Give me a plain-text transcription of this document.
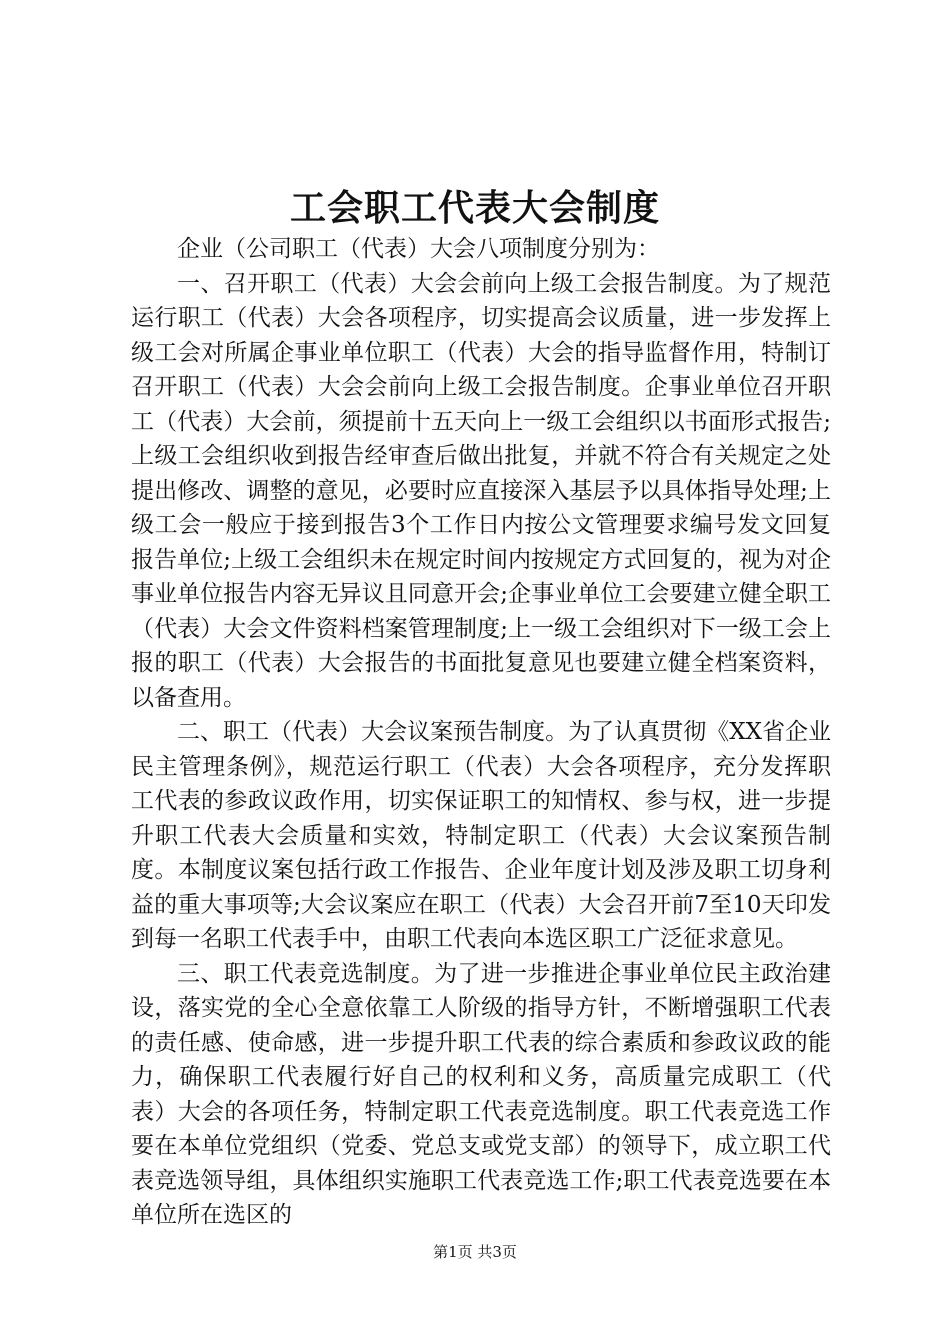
工会职工代表大会制度

企业（公司职工（代表）大会八项制度分别为：

一、召开职工（代表）大会会前向上级工会报告制度。为了规范运行职工（代表）大会各项程序，切实提高会议质量，进一步发挥上级工会对所属企事业单位职工（代表）大会的指导监督作用，特制订召开职工（代表）大会会前向上级工会报告制度。企事业单位召开职工（代表）大会前，须提前十五天向上一级工会组织以书面形式报告;上级工会组织收到报告经审查后做出批复，并就不符合有关规定之处提出修改、调整的意见，必要时应直接深入基层予以具体指导处理;上级工会一般应于接到报告3个工作日内按公文管理要求编号发文回复报告单位;上级工会组织未在规定时间内按规定方式回复的，视为对企事业单位报告内容无异议且同意开会;企事业单位工会要建立健全职工（代表）大会文件资料档案管理制度;上一级工会组织对下一级工会上报的职工（代表）大会报告的书面批复意见也要建立健全档案资料，以备查用。

二、职工（代表）大会议案预告制度。为了认真贯彻《XX省企业民主管理条例》，规范运行职工（代表）大会各项程序，充分发挥职工代表的参政议政作用，切实保证职工的知情权、参与权，进一步提升职工代表大会质量和实效，特制定职工（代表）大会议案预告制度。本制度议案包括行政工作报告、企业年度计划及涉及职工切身利益的重大事项等;大会议案应在职工（代表）大会召开前7至10天印发到每一名职工代表手中，由职工代表向本选区职工广泛征求意见。

三、职工代表竞选制度。为了进一步推进企事业单位民主政治建设，落实党的全心全意依靠工人阶级的指导方针，不断增强职工代表的责任感、使命感，进一步提升职工代表的综合素质和参政议政的能力，确保职工代表履行好自己的权利和义务，高质量完成职工（代表）大会的各项任务，特制定职工代表竞选制度。职工代表竞选工作要在本单位党组织（党委、党总支或党支部）的领导下，成立职工代表竞选领导组，具体组织实施职工代表竞选工作;职工代表竞选要在本单位所在选区的

第1页 共3页
